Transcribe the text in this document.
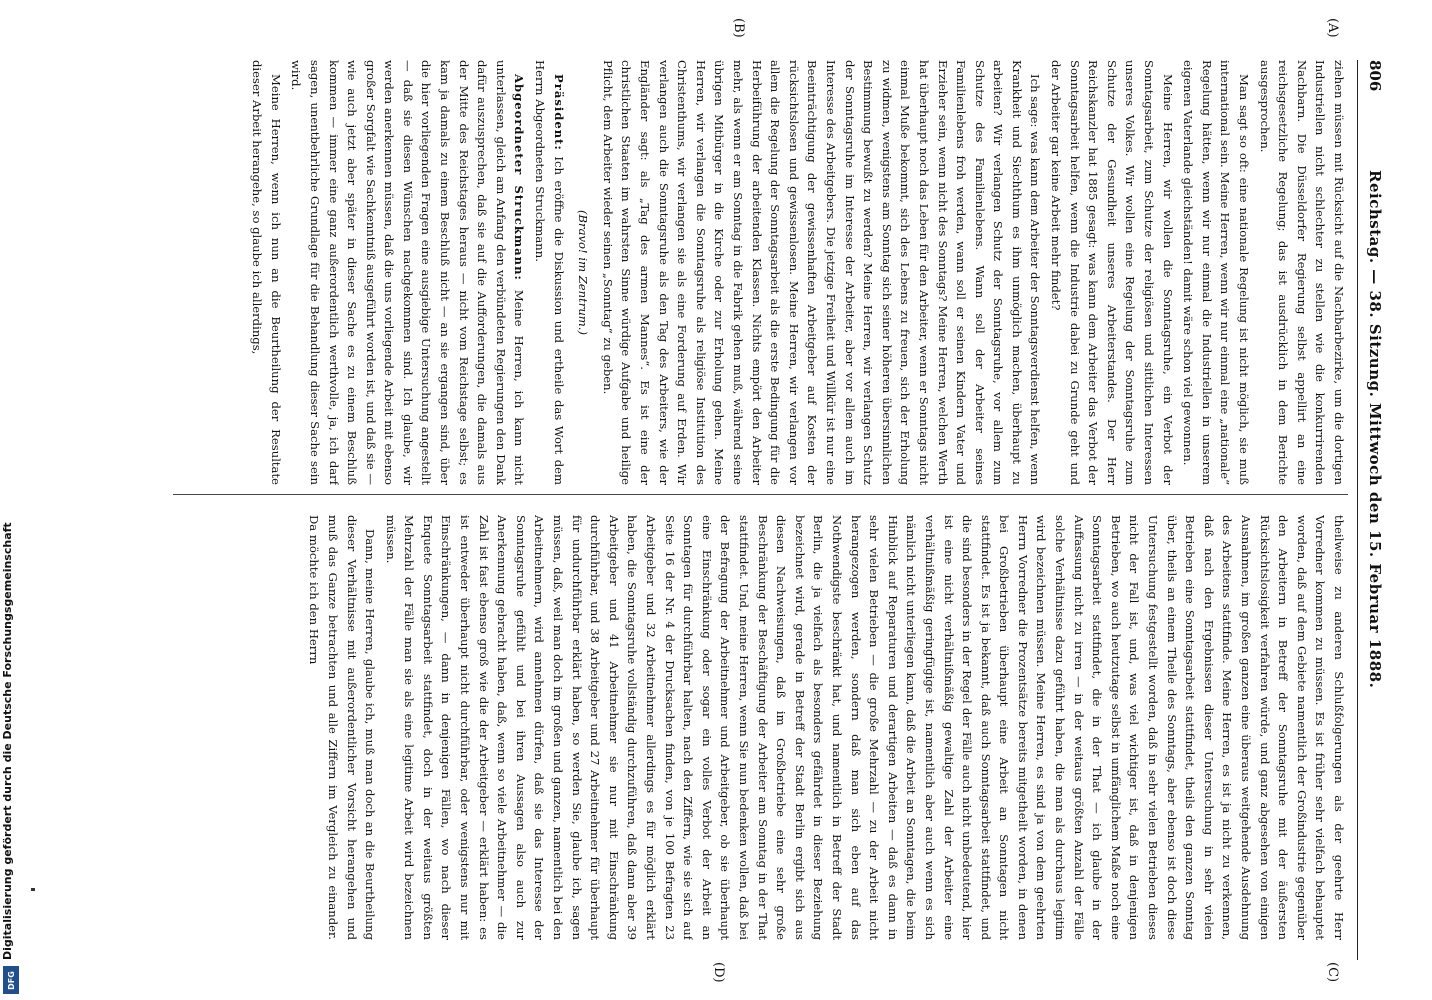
806
Reichstag. — 38. Sitzung. Mittwoch den 15. Februar 1888.
(A)
(B)
(C)
(D)

ziehen müssen mit Rücksicht auf die Nachbarbezirke, um die dortigen Industriellen nicht schlechter zu stellen wie die konkurrirenden Nachbarn. Die Düsseldorfer Regierung selbst appellirt an eine reichsgesetzliche Regelung; das ist ausdrücklich in dem Berichte ausgesprochen.

Man sagt so oft: eine nationale Regelung ist nicht möglich, sie muß international sein. Meine Herren, wenn wir nur einmal eine „nationale“ Regelung hätten, wenn wir nur einmal die Industriellen in unserem eigenen Vaterlande gleichständen! damit wäre schon viel gewonnen.

Meine Herren, wir wollen die Sonntagsruhe, ein Verbot der Sonntagsarbeit, zum Schutze der religiösen und sittlichen Interessen unseres Volkes. Wir wollen eine Regelung der Sonntagsruhe zum Schutze der Gesundheit unseres Arbeiterstandes. Der Herr Reichskanzler hat 1885 gesagt: was kann dem Arbeiter das Verbot der Sonntagsarbeit helfen, wenn die Industrie dabei zu Grunde geht und der Arbeiter gar keine Arbeit mehr findet?

Ich sage: was kann dem Arbeiter der Sonntagsverdienst helfen, wenn Krankheit und Siechthum es ihm unmöglich machen, überhaupt zu arbeiten? Wir verlangen Schutz der Sonntagsruhe, vor allem zum Schutze des Familienlebens. Wann soll der Arbeiter seines Familienlebens froh werden, wann soll er seinen Kindern Vater und Erzieher sein, wenn nicht des Sonntags? Meine Herren, welchen Werth hat überhaupt noch das Leben für den Arbeiter, wenn er Sonntags nicht einmal Muße bekommt, sich des Lebens zu freuen, sich der Erholung zu widmen, wenigstens am Sonntag sich seiner höheren übersinnlichen Bestimmung bewußt zu werden? Meine Herren, wir verlangen Schutz der Sonntagsruhe im Interesse der Arbeiter, aber vor allem auch im Interesse des Arbeitgebers. Die jetzige Freiheit und Willkür ist nur eine Beeinträchtigung der gewissenhaften Arbeitgeber auf Kosten der rücksichtslosen und gewissenlosen. Meine Herren, wir verlangen vor allem die Regelung der Sonntagsarbeit als die erste Bedingung für die Herbeiführung der arbeitenden Klassen. Nichts empört den Arbeiter mehr, als wenn er am Sonntag in die Fabrik gehen muß, während seine übrigen Mitbürger in die Kirche oder zur Erholung gehen. Meine Herren, wir verlangen die Sonntagsruhe als religiöse Institution des Christenthums, wir verlangen sie als eine Forderung auf Erden. Wir verlangen auch die Sonntagsruhe als den Tag des Arbeiters, wie der Engländer sagt: als „Tag des armen Mannes“. Es ist eine der christlichen Staaten im wahrsten Sinne würdige Aufgabe und heilige Pflicht, dem Arbeiter wieder seinen „Sonntag“ zu geben.

(Bravo! im Zentrum.)

Präsident: Ich eröffne die Diskussion und ertheile das Wort dem Herrn Abgeordneten Struckmann.

Abgeordneter Struckmann: Meine Herren, ich kann nicht unterlassen, gleich am Anfang den verbündeten Regierungen den Dank dafür auszusprechen, daß sie auf die Aufforderungen, die damals aus der Mitte des Reichstages heraus — nicht vom Reichstage selbst; es kam ja damals zu einem Beschluß nicht — an sie ergangen sind, über die hier vorliegenden Fragen eine ausgiebige Untersuchung angestellt — daß sie diesen Wünschen nachgekommen sind. Ich glaube, wir werden anerkennen müssen, daß die uns vorliegende Arbeit mit ebenso großer Sorgfalt wie Sachkenntniß ausgeführt worden ist, und daß sie — wie auch jetzt aber später in dieser Sache es zu einem Beschluß kommen — immer eine ganz außerordentlich werthvolle, ja, ich darf sagen, unentbehrliche Grundlage für die Behandlung dieser Sache sein wird.

Meine Herren, wenn ich nun an die Beurtheilung der Resultate dieser Arbeit herangehe, so glaube ich allerdings,

theilweise zu anderen Schlußfolgerungen als der geehrte Herr Vorredner kommen zu müssen. Es ist früher sehr vielfach behauptet worden, daß auf dem Gebiete namentlich der Großindustrie gegenüber den Arbeitern in Betreff der Sonntagsruhe mit der äußersten Rücksichtslosigkeit verfahren würde, und ganz abgesehen von einigen Ausnahmen, im großen ganzen eine überaus weitgehende Ausdehnung des Arbeitens stattfinde. Meine Herren, es ist ja nicht zu verkennen, daß nach den Ergebnissen dieser Untersuchung in sehr vielen Betrieben eine Sonntagsarbeit stattfindet, theils den ganzen Sonntag über, theils an einem Theile des Sonntags, aber ebenso ist doch diese Untersuchung festgestellt worden, daß in sehr vielen Betrieben dieses nicht der Fall ist, und, was viel wichtiger ist, daß in denjenigen Betrieben, wo auch heutzutage selbst in umfänglichem Maße noch eine Sonntagsarbeit stattfindet, die in der That — ich glaube in der Auffassung nicht zu irren — in der weitaus größten Anzahl der Fälle solche Verhältnisse dazu geführt haben, die man als durchaus legitim wird bezeichnen müssen. Meine Herren, es sind ja von dem geehrten Herrn Vorredner die Prozentsätze bereits mitgetheilt worden, in denen bei Großbetrieben überhaupt eine Arbeit an Sonntagen nicht stattfindet. Es ist ja bekannt, daß auch Sonntagsarbeit stattfindet, und die sind besonders in der Regel der Fälle auch nicht unbedeutend, hier ist eine nicht verhältnißmäßig gewaltige Zahl der Arbeiter eine verhältnißmäßig geringfügige ist, namentlich aber auch wenn es sich nämlich nicht unterliegen kann, daß die Arbeit an Sonntagen, die beim Hinblick auf Reparaturen und derartigen Arbeiten — daß es dann in sehr vielen Betrieben — die große Mehrzahl — zu der Arbeit nicht herangezogen werden, sondern daß man sich eben auf das Nothwendigste beschränkt hat, und namentlich in Betreff der Stadt Berlin, die ja vielfach als besonders gefährdet in dieser Beziehung bezeichnet wird, gerade in Betreff der Stadt Berlin ergibt sich aus diesen Nachweisungen, daß im Großbetriebe eine sehr große Beschränkung der Beschäftigung der Arbeiter am Sonntag in der That stattfindet. Und, meine Herren, wenn Sie nun bedenken wollen, daß bei der Befragung der Arbeitnehmer und Arbeitgeber, ob sie überhaupt eine Einschränkung oder sogar ein volles Verbot der Arbeit an Sonntagen für durchführbar halten, nach den Ziffern, wie sie sich auf Seite 16 der Nr. 4 der Drucksachen finden, von je 100 Befragten 23 Arbeitgeber und 32 Arbeitnehmer allerdings es für möglich erklärt haben, die Sonntagsruhe vollständig durchzuführen, daß dann aber 39 Arbeitgeber und 41 Arbeitnehmer sie nur mit Einschränkung durchführbar, und 38 Arbeitgeber und 27 Arbeitnehmer für überhaupt für undurchführbar erklärt haben, so werden Sie, glaube ich, sagen müssen, daß, weil man doch im großen und ganzen, namentlich bei den Arbeitnehmern, wird annehmen dürfen, daß sie das Interesse der Sonntagsruhe gefühlt und bei ihren Aussagen also auch zur Anerkennung gebracht haben, daß, wenn so viele Arbeitnehmer — die Zahl ist fast ebenso groß wie die der Arbeitgeber — erklärt haben: es ist entweder überhaupt nicht durchführbar, oder wenigstens nur mit Einschränkungen, — dann in denjenigen Fällen, wo nach dieser Enquete Sonntagsarbeit stattfindet, doch in der weitaus größten Mehrzahl der Fälle man sie als eine legitime Arbeit wird bezeichnen müssen.

Dann, meine Herren, glaube ich, muß man doch an die Beurtheilung dieser Verhältnisse mit außerordentlicher Vorsicht herangehen und muß das Ganze betrachten und alle Ziffern im Vergleich zu einander. Da möchte ich den Herrn

Digitalisierung gefördert durch die Deutsche Forschungsgemeinschaft
DFG
